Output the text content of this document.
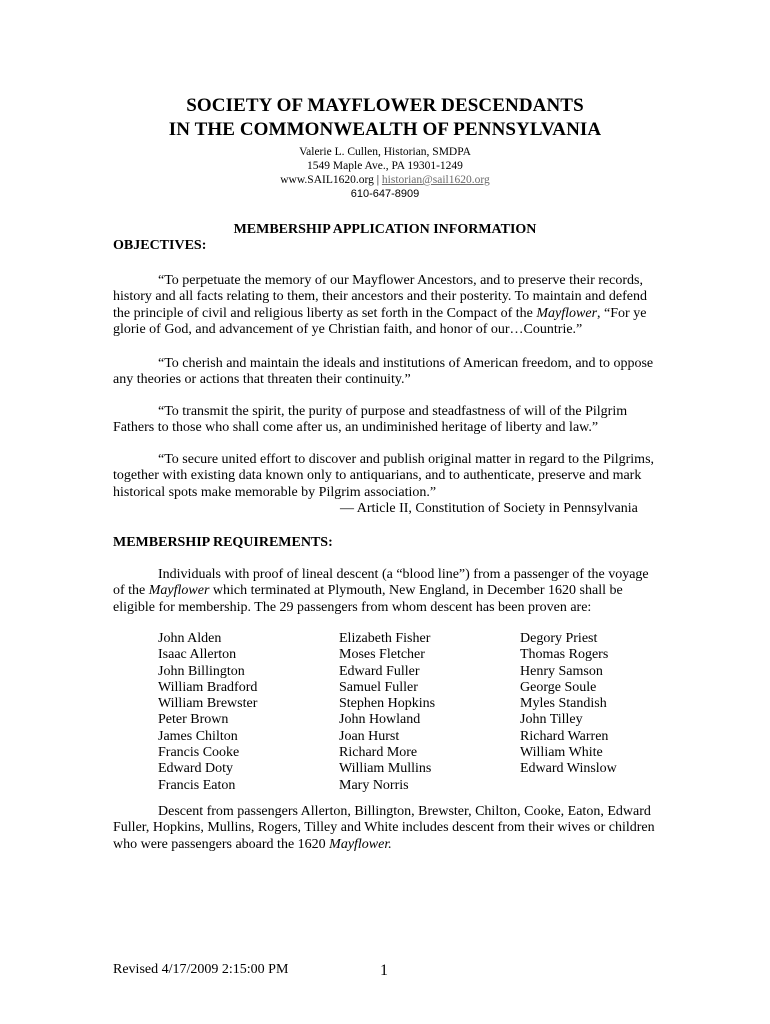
SOCIETY OF MAYFLOWER DESCENDANTS
IN THE COMMONWEALTH OF PENNSYLVANIA
Valerie L. Cullen, Historian, SMDPA
1549 Maple Ave., PA 19301-1249
www.SAIL1620.org | historian@sail1620.org
610-647-8909
MEMBERSHIP APPLICATION INFORMATION
OBJECTIVES:

“To perpetuate the memory of our Mayflower Ancestors, and to preserve their records, history and all facts relating to them, their ancestors and their posterity. To maintain and defend the principle of civil and religious liberty as set forth in the Compact of the Mayflower, “For ye glorie of God, and advancement of ye Christian faith, and honor of our…Countrie.”

“To cherish and maintain the ideals and institutions of American freedom, and to oppose any theories or actions that threaten their continuity.”

“To transmit the spirit, the purity of purpose and steadfastness of will of the Pilgrim Fathers to those who shall come after us, an undiminished heritage of liberty and law.”

“To secure united effort to discover and publish original matter in regard to the Pilgrims, together with existing data known only to antiquarians, and to authenticate, preserve and mark historical spots make memorable by Pilgrim association.”

— Article II, Constitution of Society in Pennsylvania
MEMBERSHIP REQUIREMENTS:

Individuals with proof of lineal descent (a “blood line”) from a passenger of the voyage of the Mayflower which terminated at Plymouth, New England, in December 1620 shall be eligible for membership. The 29 passengers from whom descent has been proven are:

John Alden
Isaac Allerton
John Billington
William Bradford
William Brewster
Peter Brown
James Chilton
Francis Cooke
Edward Doty
Francis Eaton
Elizabeth Fisher
Moses Fletcher
Edward Fuller
Samuel Fuller
Stephen Hopkins
John Howland
Joan Hurst
Richard More
William Mullins
Mary Norris
Degory Priest
Thomas Rogers
Henry Samson
George Soule
Myles Standish
John Tilley
Richard Warren
William White
Edward Winslow

Descent from passengers Allerton, Billington, Brewster, Chilton, Cooke, Eaton, Edward Fuller, Hopkins, Mullins, Rogers, Tilley and White includes descent from their wives or children who were passengers aboard the 1620 Mayflower.

Revised 4/17/2009 2:15:00 PM	1
